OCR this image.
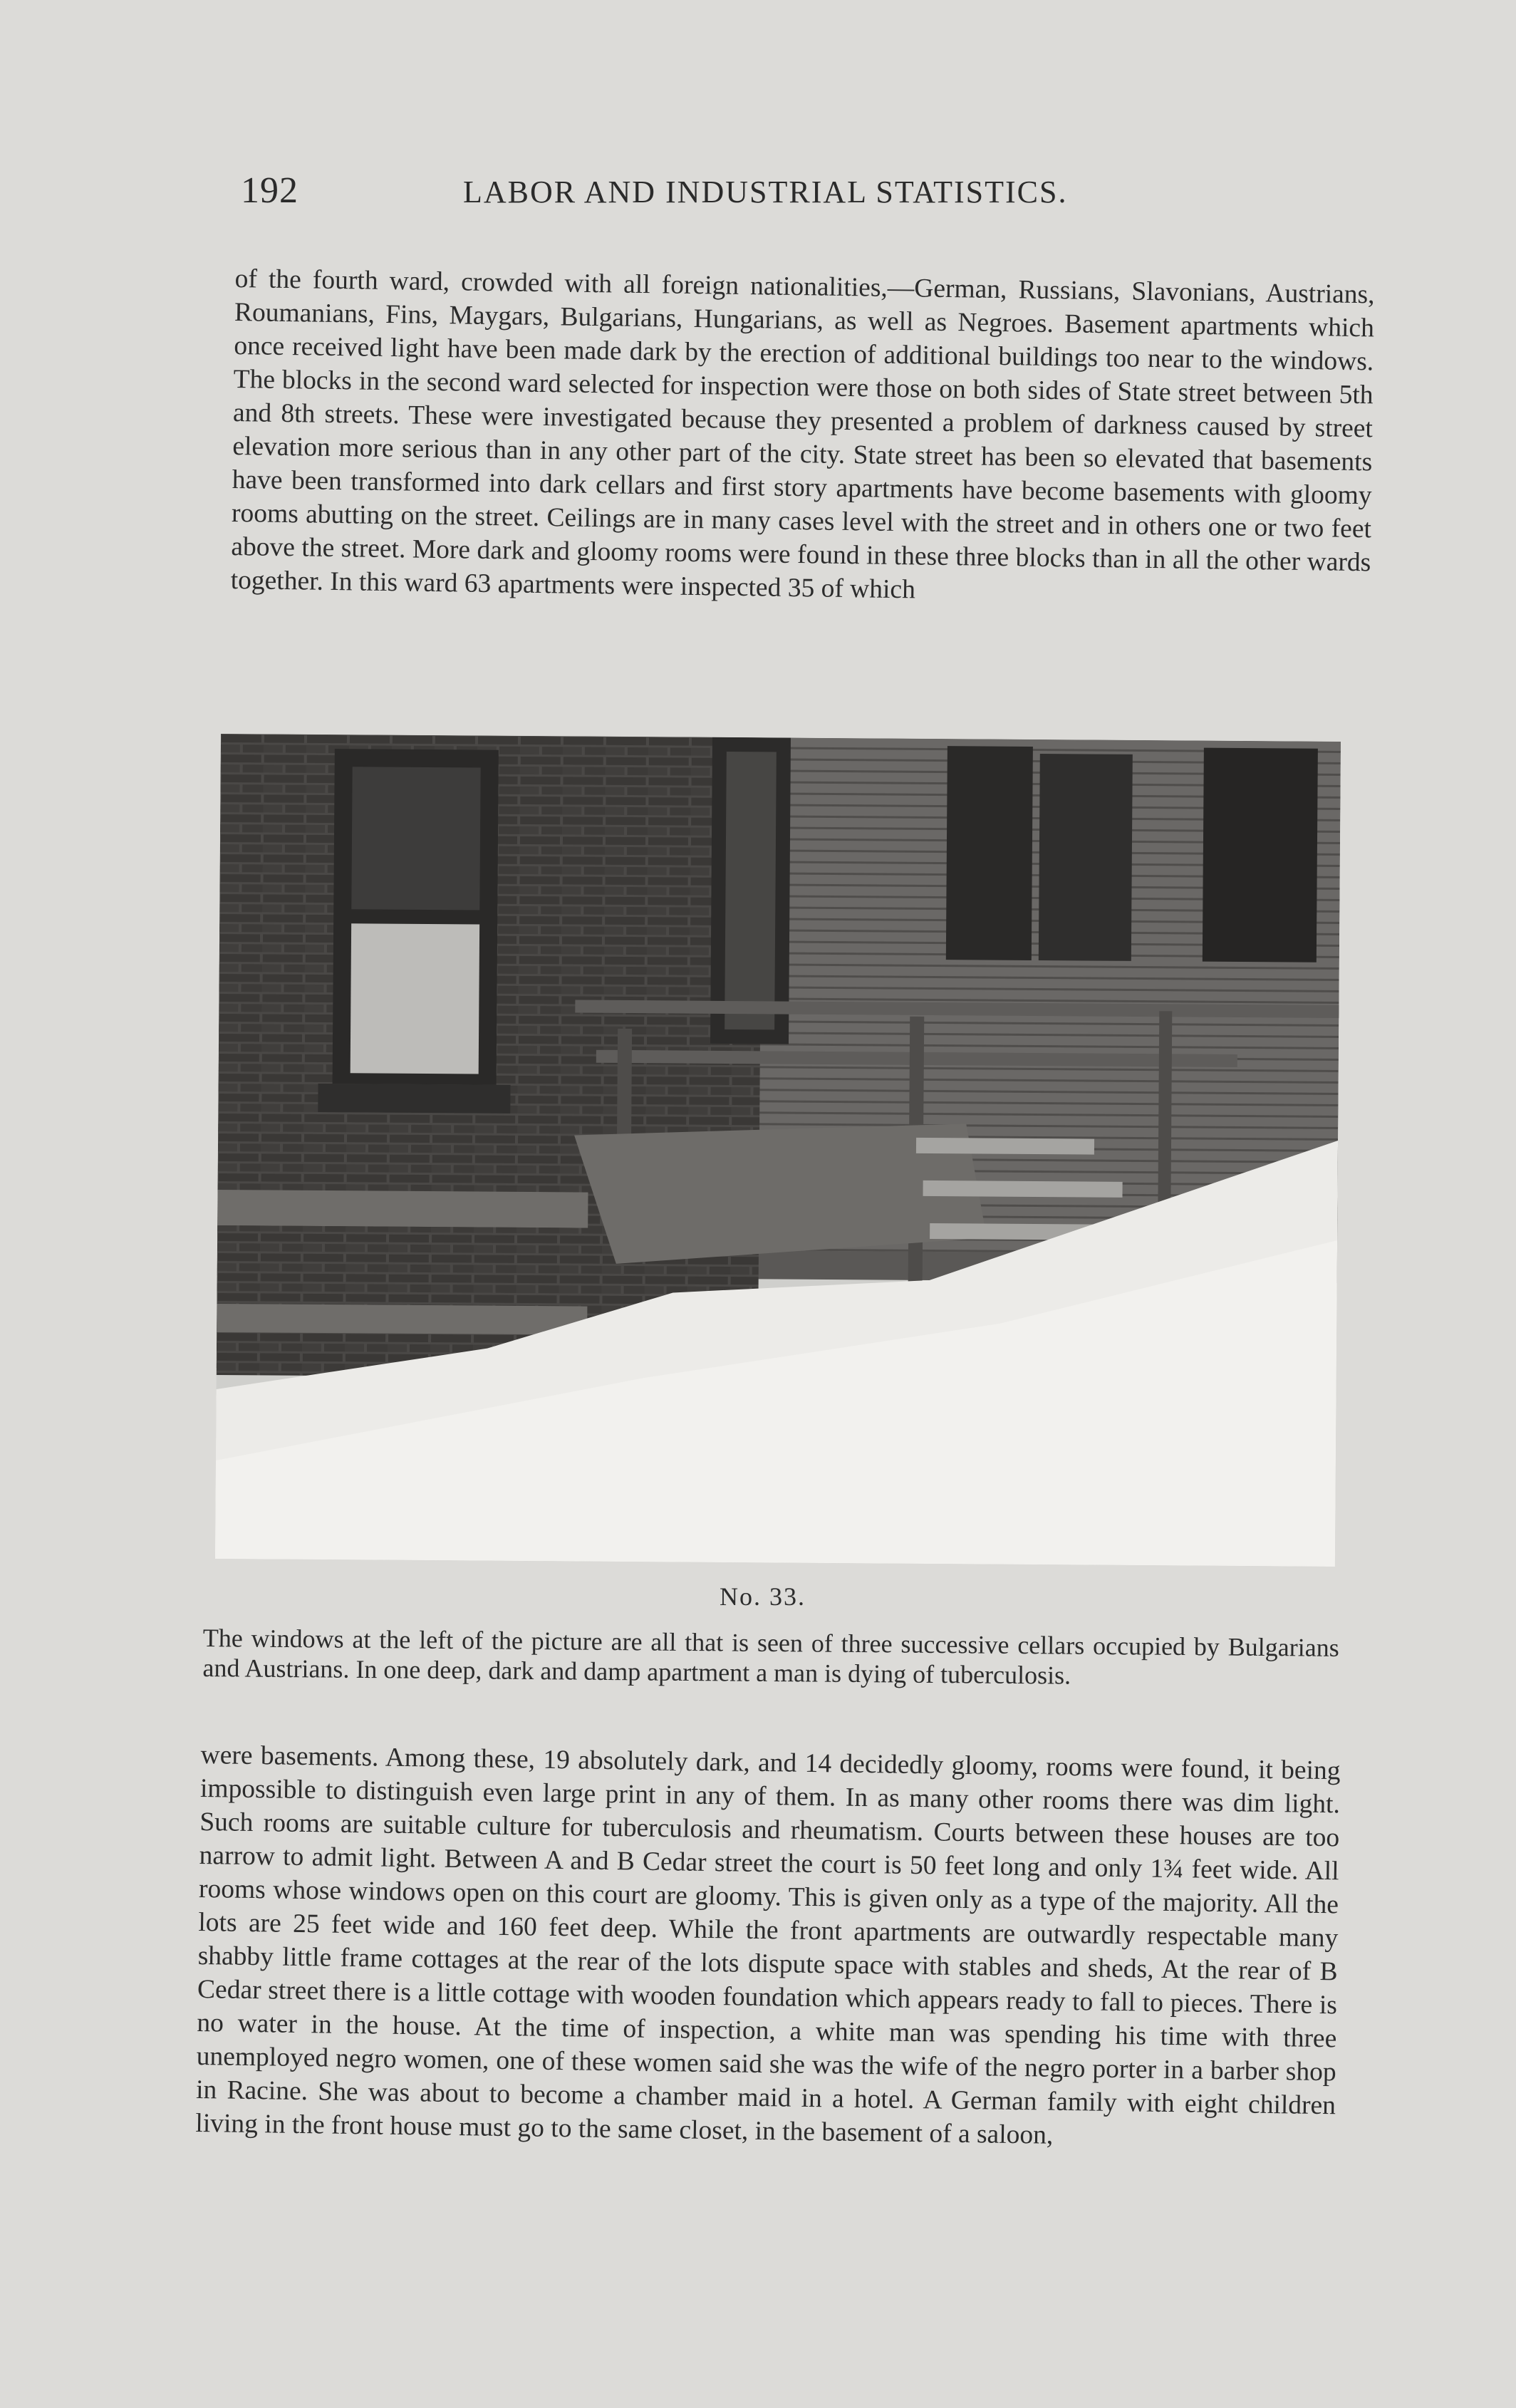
192	LABOR AND INDUSTRIAL STATISTICS.

of the fourth ward, crowded with all foreign nationalities,—German, Russians, Slavonians, Austrians, Roumanians, Fins, Maygars, Bulgarians, Hungarians, as well as Negroes. Basement apartments which once received light have been made dark by the erection of additional buildings too near to the windows. The blocks in the second ward selected for inspection were those on both sides of State street between 5th and 8th streets. These were investigated because they presented a problem of darkness caused by street elevation more serious than in any other part of the city. State street has been so elevated that basements have been transformed into dark cellars and first story apartments have become basements with gloomy rooms abutting on the street. Ceilings are in many cases level with the street and in others one or two feet above the street. More dark and gloomy rooms were found in these three blocks than in all the other wards together. In this ward 63 apartments were inspected 35 of which

No. 33.
The windows at the left of the picture are all that is seen of three successive cellars occupied by Bulgarians and Austrians. In one deep, dark and damp apartment a man is dying of tuberculosis.

were basements. Among these, 19 absolutely dark, and 14 decidedly gloomy, rooms were found, it being impossible to distinguish even large print in any of them. In as many other rooms there was dim light. Such rooms are suitable culture for tuberculosis and rheumatism. Courts between these houses are too narrow to admit light. Between A and B Cedar street the court is 50 feet long and only 1¾ feet wide. All rooms whose windows open on this court are gloomy. This is given only as a type of the majority. All the lots are 25 feet wide and 160 feet deep. While the front apartments are outwardly respectable many shabby little frame cottages at the rear of the lots dispute space with stables and sheds, At the rear of B Cedar street there is a little cottage with wooden foundation which appears ready to fall to pieces. There is no water in the house. At the time of inspection, a white man was spending his time with three unemployed negro women, one of these women said she was the wife of the negro porter in a barber shop in Racine. She was about to become a chamber maid in a hotel. A German family with eight children living in the front house must go to the same closet, in the basement of a saloon,
